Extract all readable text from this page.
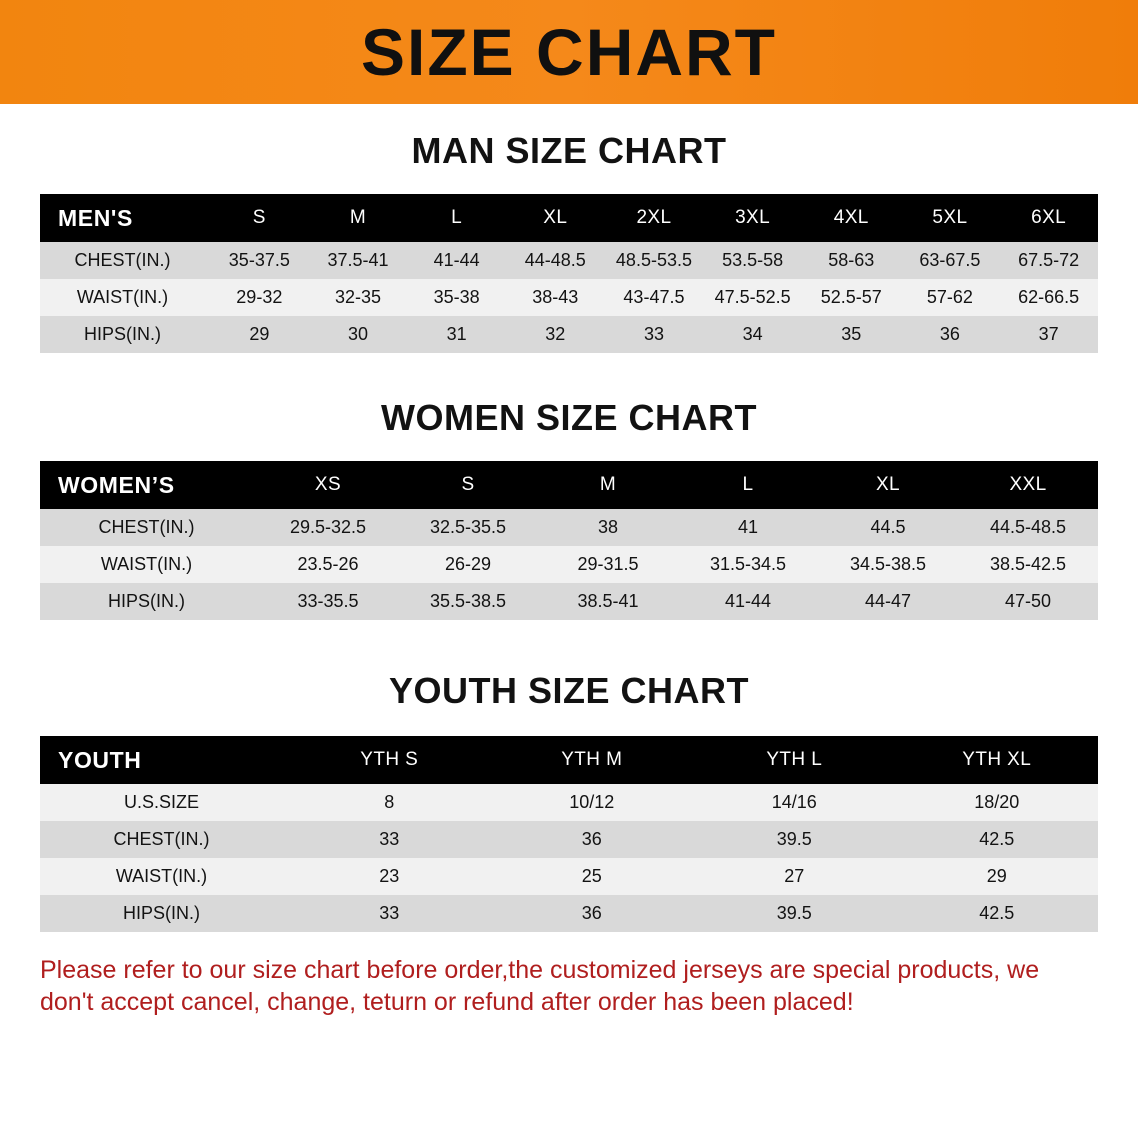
SIZE CHART
MAN SIZE CHART
MEN'S	S	M	L	XL	2XL	3XL	4XL	5XL	6XL
CHEST(IN.)	35-37.5	37.5-41	41-44	44-48.5	48.5-53.5	53.5-58	58-63	63-67.5	67.5-72
WAIST(IN.)	29-32	32-35	35-38	38-43	43-47.5	47.5-52.5	52.5-57	57-62	62-66.5
HIPS(IN.)	29	30	31	32	33	34	35	36	37
WOMEN SIZE CHART
WOMEN’S	XS	S	M	L	XL	XXL
CHEST(IN.)	29.5-32.5	32.5-35.5	38	41	44.5	44.5-48.5
WAIST(IN.)	23.5-26	26-29	29-31.5	31.5-34.5	34.5-38.5	38.5-42.5
HIPS(IN.)	33-35.5	35.5-38.5	38.5-41	41-44	44-47	47-50
YOUTH SIZE CHART
YOUTH	YTH S	YTH M	YTH L	YTH XL
U.S.SIZE	8	10/12	14/16	18/20
CHEST(IN.)	33	36	39.5	42.5
WAIST(IN.)	23	25	27	29
HIPS(IN.)	33	36	39.5	42.5
Please refer to our size chart before order,the customized jerseys are special products, we don't accept cancel, change, teturn or refund after order has been placed!
